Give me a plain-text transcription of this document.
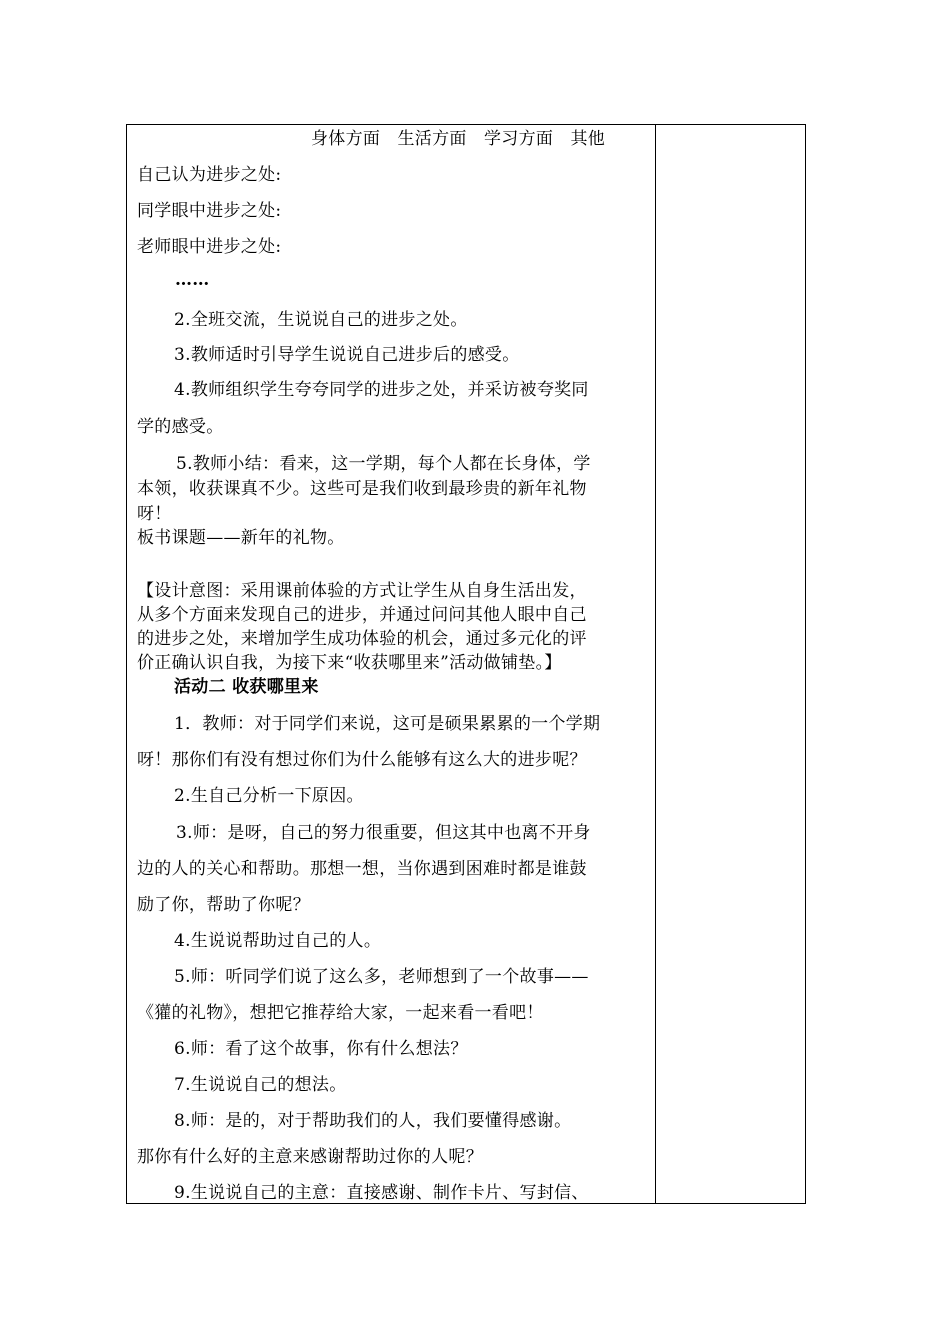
身体方面　生活方面　学习方面　其他
自己认为进步之处:
同学眼中进步之处:
老师眼中进步之处:
……
2.全班交流，生说说自己的进步之处。
3.教师适时引导学生说说自己进步后的感受。
4.教师组织学生夸夸同学的进步之处，并采访被夸奖同
学的感受。
5.教师小结：看来，这一学期，每个人都在长身体，学
本领，收获课真不少。这些可是我们收到最珍贵的新年礼物
呀！
板书课题——新年的礼物。
【设计意图：采用课前体验的方式让学生从自身生活出发，
从多个方面来发现自己的进步，并通过问问其他人眼中自己
的进步之处，来增加学生成功体验的机会，通过多元化的评
价正确认识自我，为接下来“收获哪里来”活动做铺垫。】
活动二 收获哪里来
1．教师：对于同学们来说，这可是硕果累累的一个学期
呀！那你们有没有想过你们为什么能够有这么大的进步呢？
2.生自己分析一下原因。
3.师：是呀，自己的努力很重要，但这其中也离不开身
边的人的关心和帮助。那想一想，当你遇到困难时都是谁鼓
励了你，帮助了你呢？
4.生说说帮助过自己的人。
5.师：听同学们说了这么多，老师想到了一个故事——
《獾的礼物》，想把它推荐给大家，一起来看一看吧！
6.师：看了这个故事，你有什么想法？
7.生说说自己的想法。
8.师：是的，对于帮助我们的人，我们要懂得感谢。
那你有什么好的主意来感谢帮助过你的人呢？
9.生说说自己的主意：直接感谢、制作卡片、写封信、
